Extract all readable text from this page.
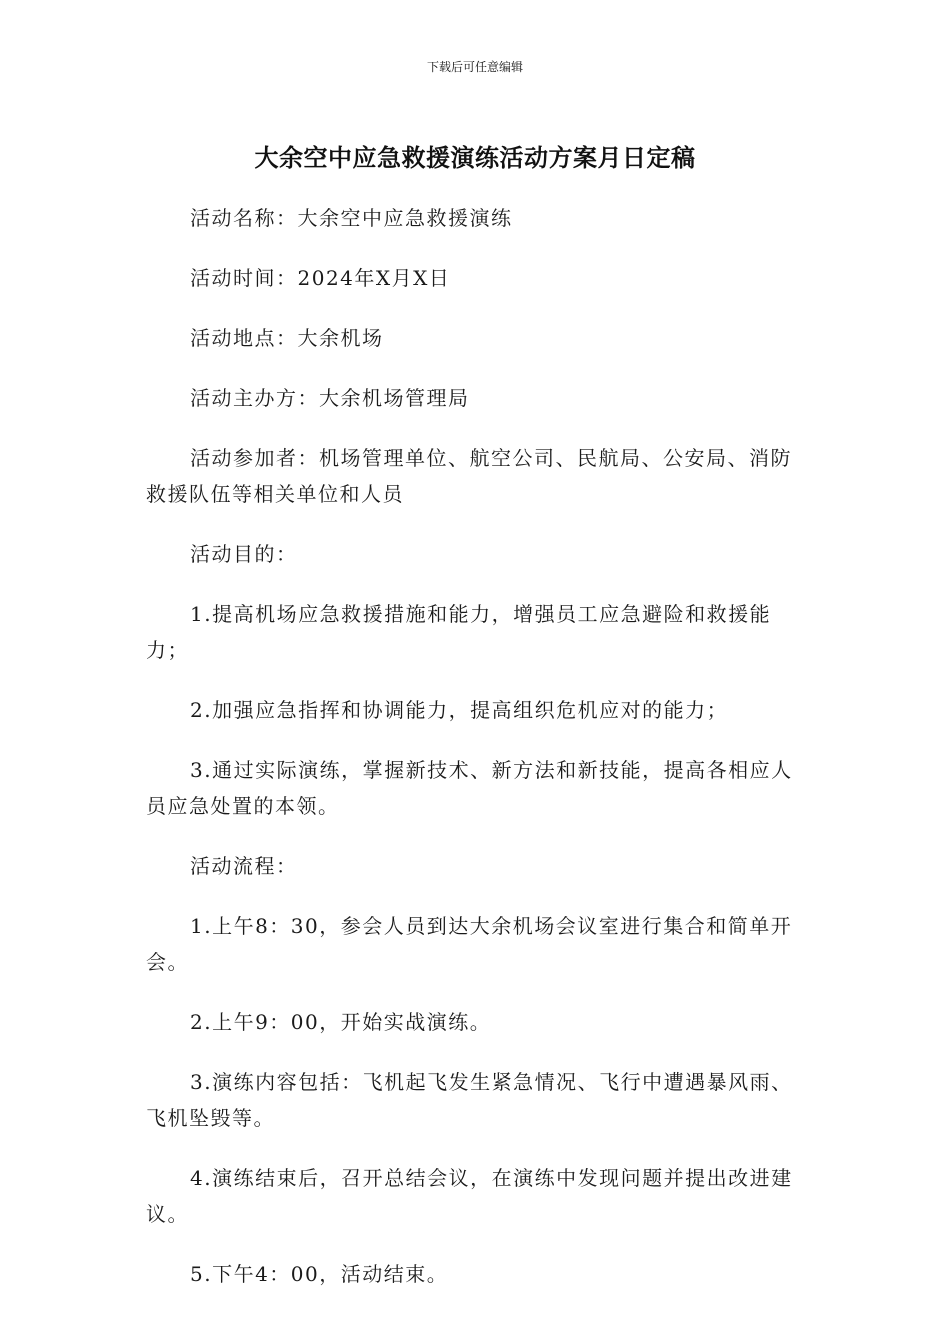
下载后可任意编辑
大余空中应急救援演练活动方案月日定稿

活动名称：大余空中应急救援演练

活动时间：2024年X月X日

活动地点：大余机场

活动主办方：大余机场管理局

活动参加者：机场管理单位、航空公司、民航局、公安局、消防救援队伍等相关单位和人员

活动目的：

1.提高机场应急救援措施和能力，增强员工应急避险和救援能力；

2.加强应急指挥和协调能力，提高组织危机应对的能力；

3.通过实际演练，掌握新技术、新方法和新技能，提高各相应人员应急处置的本领。

活动流程：

1.上午8：30，参会人员到达大余机场会议室进行集合和简单开会。

2.上午9：00，开始实战演练。

3.演练内容包括：飞机起飞发生紧急情况、飞行中遭遇暴风雨、飞机坠毁等。

4.演练结束后，召开总结会议，在演练中发现问题并提出改进建议。

5.下午4：00，活动结束。
